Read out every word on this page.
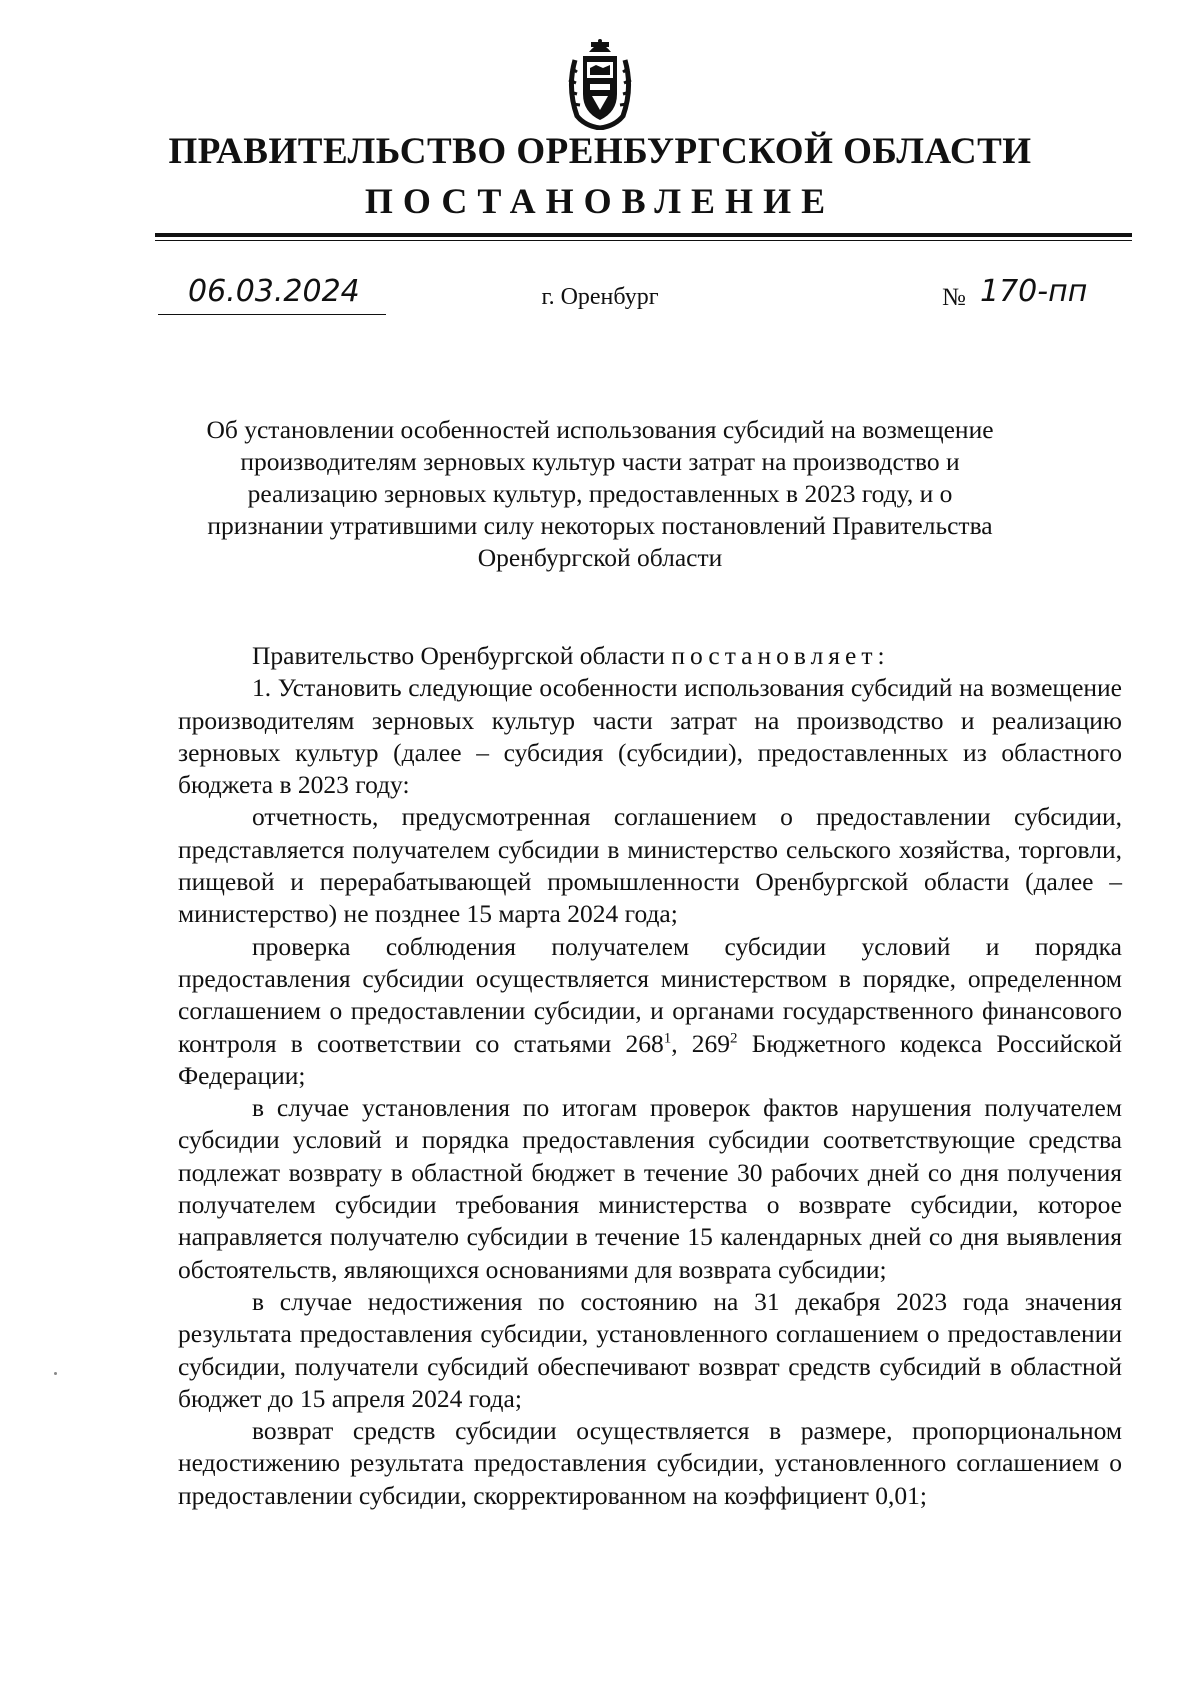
ПРАВИТЕЛЬСТВО ОРЕНБУРГСКОЙ ОБЛАСТИ
ПОСТАНОВЛЕНИЕ
06.03.2024	г. Оренбург	№ 170-пп
Об установлении особенностей использования субсидий на возмещение производителям зерновых культур части затрат на производство и реализацию зерновых культур, предоставленных в 2023 году, и о признании утратившими силу некоторых постановлений Правительства Оренбургской области

Правительство Оренбургской области постановляет:

1. Установить следующие особенности использования субсидий на возмещение производителям зерновых культур части затрат на производство и реализацию зерновых культур (далее – субсидия (субсидии), предоставленных из областного бюджета в 2023 году:

отчетность, предусмотренная соглашением о предоставлении субсидии, представляется получателем субсидии в министерство сельского хозяйства, торговли, пищевой и перерабатывающей промышленности Оренбургской области (далее – министерство) не позднее 15 марта 2024 года;

проверка соблюдения получателем субсидии условий и порядка предоставления субсидии осуществляется министерством в порядке, определенном соглашением о предоставлении субсидии, и органами государственного финансового контроля в соответствии со статьями $268^1$, $269^2$ Бюджетного кодекса Российской Федерации;

в случае установления по итогам проверок фактов нарушения получателем субсидии условий и порядка предоставления субсидии соответствующие средства подлежат возврату в областной бюджет в течение 30 рабочих дней со дня получения получателем субсидии требования министерства о возврате субсидии, которое направляется получателю субсидии в течение 15 календарных дней со дня выявления обстоятельств, являющихся основаниями для возврата субсидии;

в случае недостижения по состоянию на 31 декабря 2023 года значения результата предоставления субсидии, установленного соглашением о предоставлении субсидии, получатели субсидий обеспечивают возврат средств субсидий в областной бюджет до 15 апреля 2024 года;

возврат средств субсидии осуществляется в размере, пропорциональном недостижению результата предоставления субсидии, установленного соглашением о предоставлении субсидии, скорректированном на коэффициент 0,01;
